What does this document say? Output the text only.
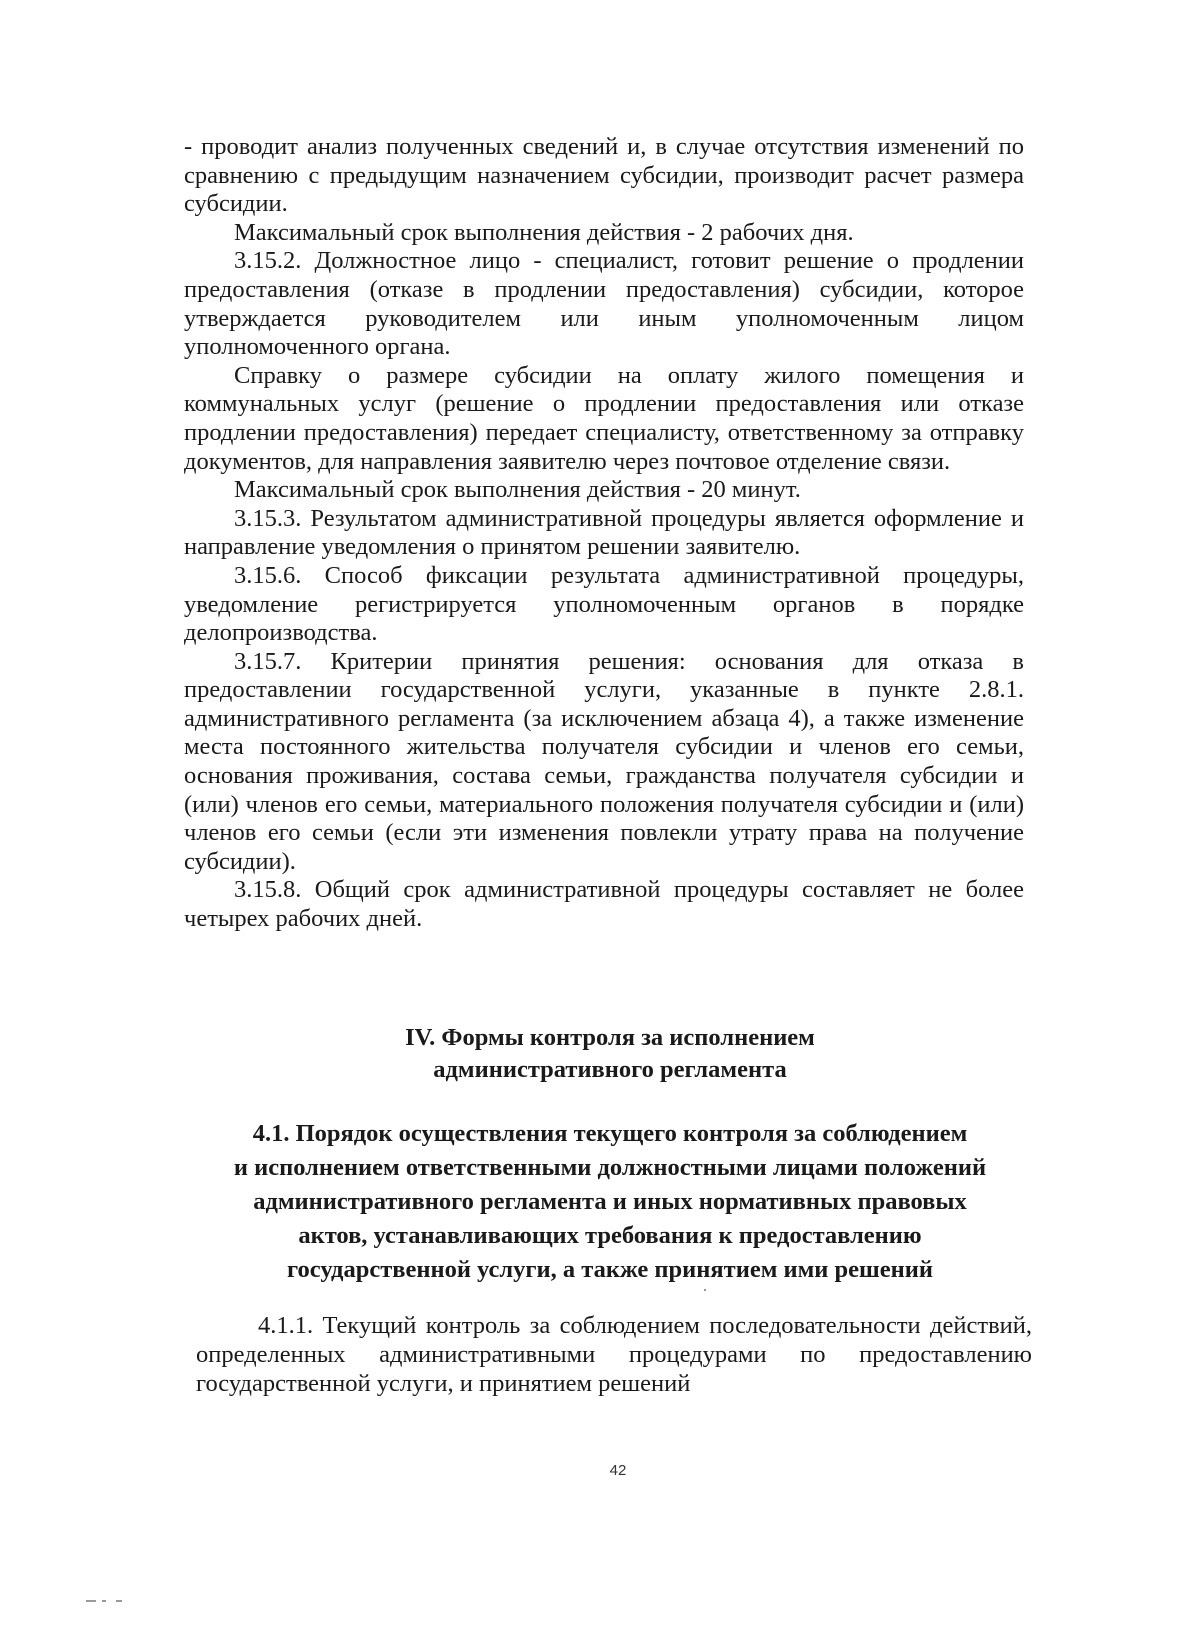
- проводит анализ полученных сведений и, в случае отсутствия изменений по сравнению с предыдущим назначением субсидии, производит расчет размера субсидии.

Максимальный срок выполнения действия - 2 рабочих дня.

3.15.2. Должностное лицо - специалист, готовит решение о продлении предоставления (отказе в продлении предоставления) субсидии, которое утверждается руководителем или иным уполномоченным лицом уполномоченного органа.

Справку о размере субсидии на оплату жилого помещения и коммунальных услуг (решение о продлении предоставления или отказе продлении предоставления) передает специалисту, ответственному за отправку документов, для направления заявителю через почтовое отделение связи.

Максимальный срок выполнения действия - 20 минут.

3.15.3. Результатом административной процедуры является оформление и направление уведомления о принятом решении заявителю.

3.15.6. Способ фиксации результата административной процедуры, уведомление регистрируется уполномоченным органов в порядке делопроизводства.

3.15.7. Критерии принятия решения: основания для отказа в предоставлении государственной услуги, указанные в пункте 2.8.1. административного регламента (за исключением абзаца 4), а также изменение места постоянного жительства получателя субсидии и членов его семьи, основания проживания, состава семьи, гражданства получателя субсидии и (или) членов его семьи, материального положения получателя субсидии и (или) членов его семьи (если эти изменения повлекли утрату права на получение субсидии).

3.15.8. Общий срок административной процедуры составляет не более четырех рабочих дней.

IV. Формы контроля за исполнением
административного регламента
4.1. Порядок осуществления текущего контроля за соблюдением
и исполнением ответственными должностными лицами положений
административного регламента и иных нормативных правовых
актов, устанавливающих требования к предоставлению
государственной услуги, а также принятием ими решений

4.1.1. Текущий контроль за соблюдением последовательности действий, определенных административными процедурами по предоставлению государственной услуги, и принятием решений

42
